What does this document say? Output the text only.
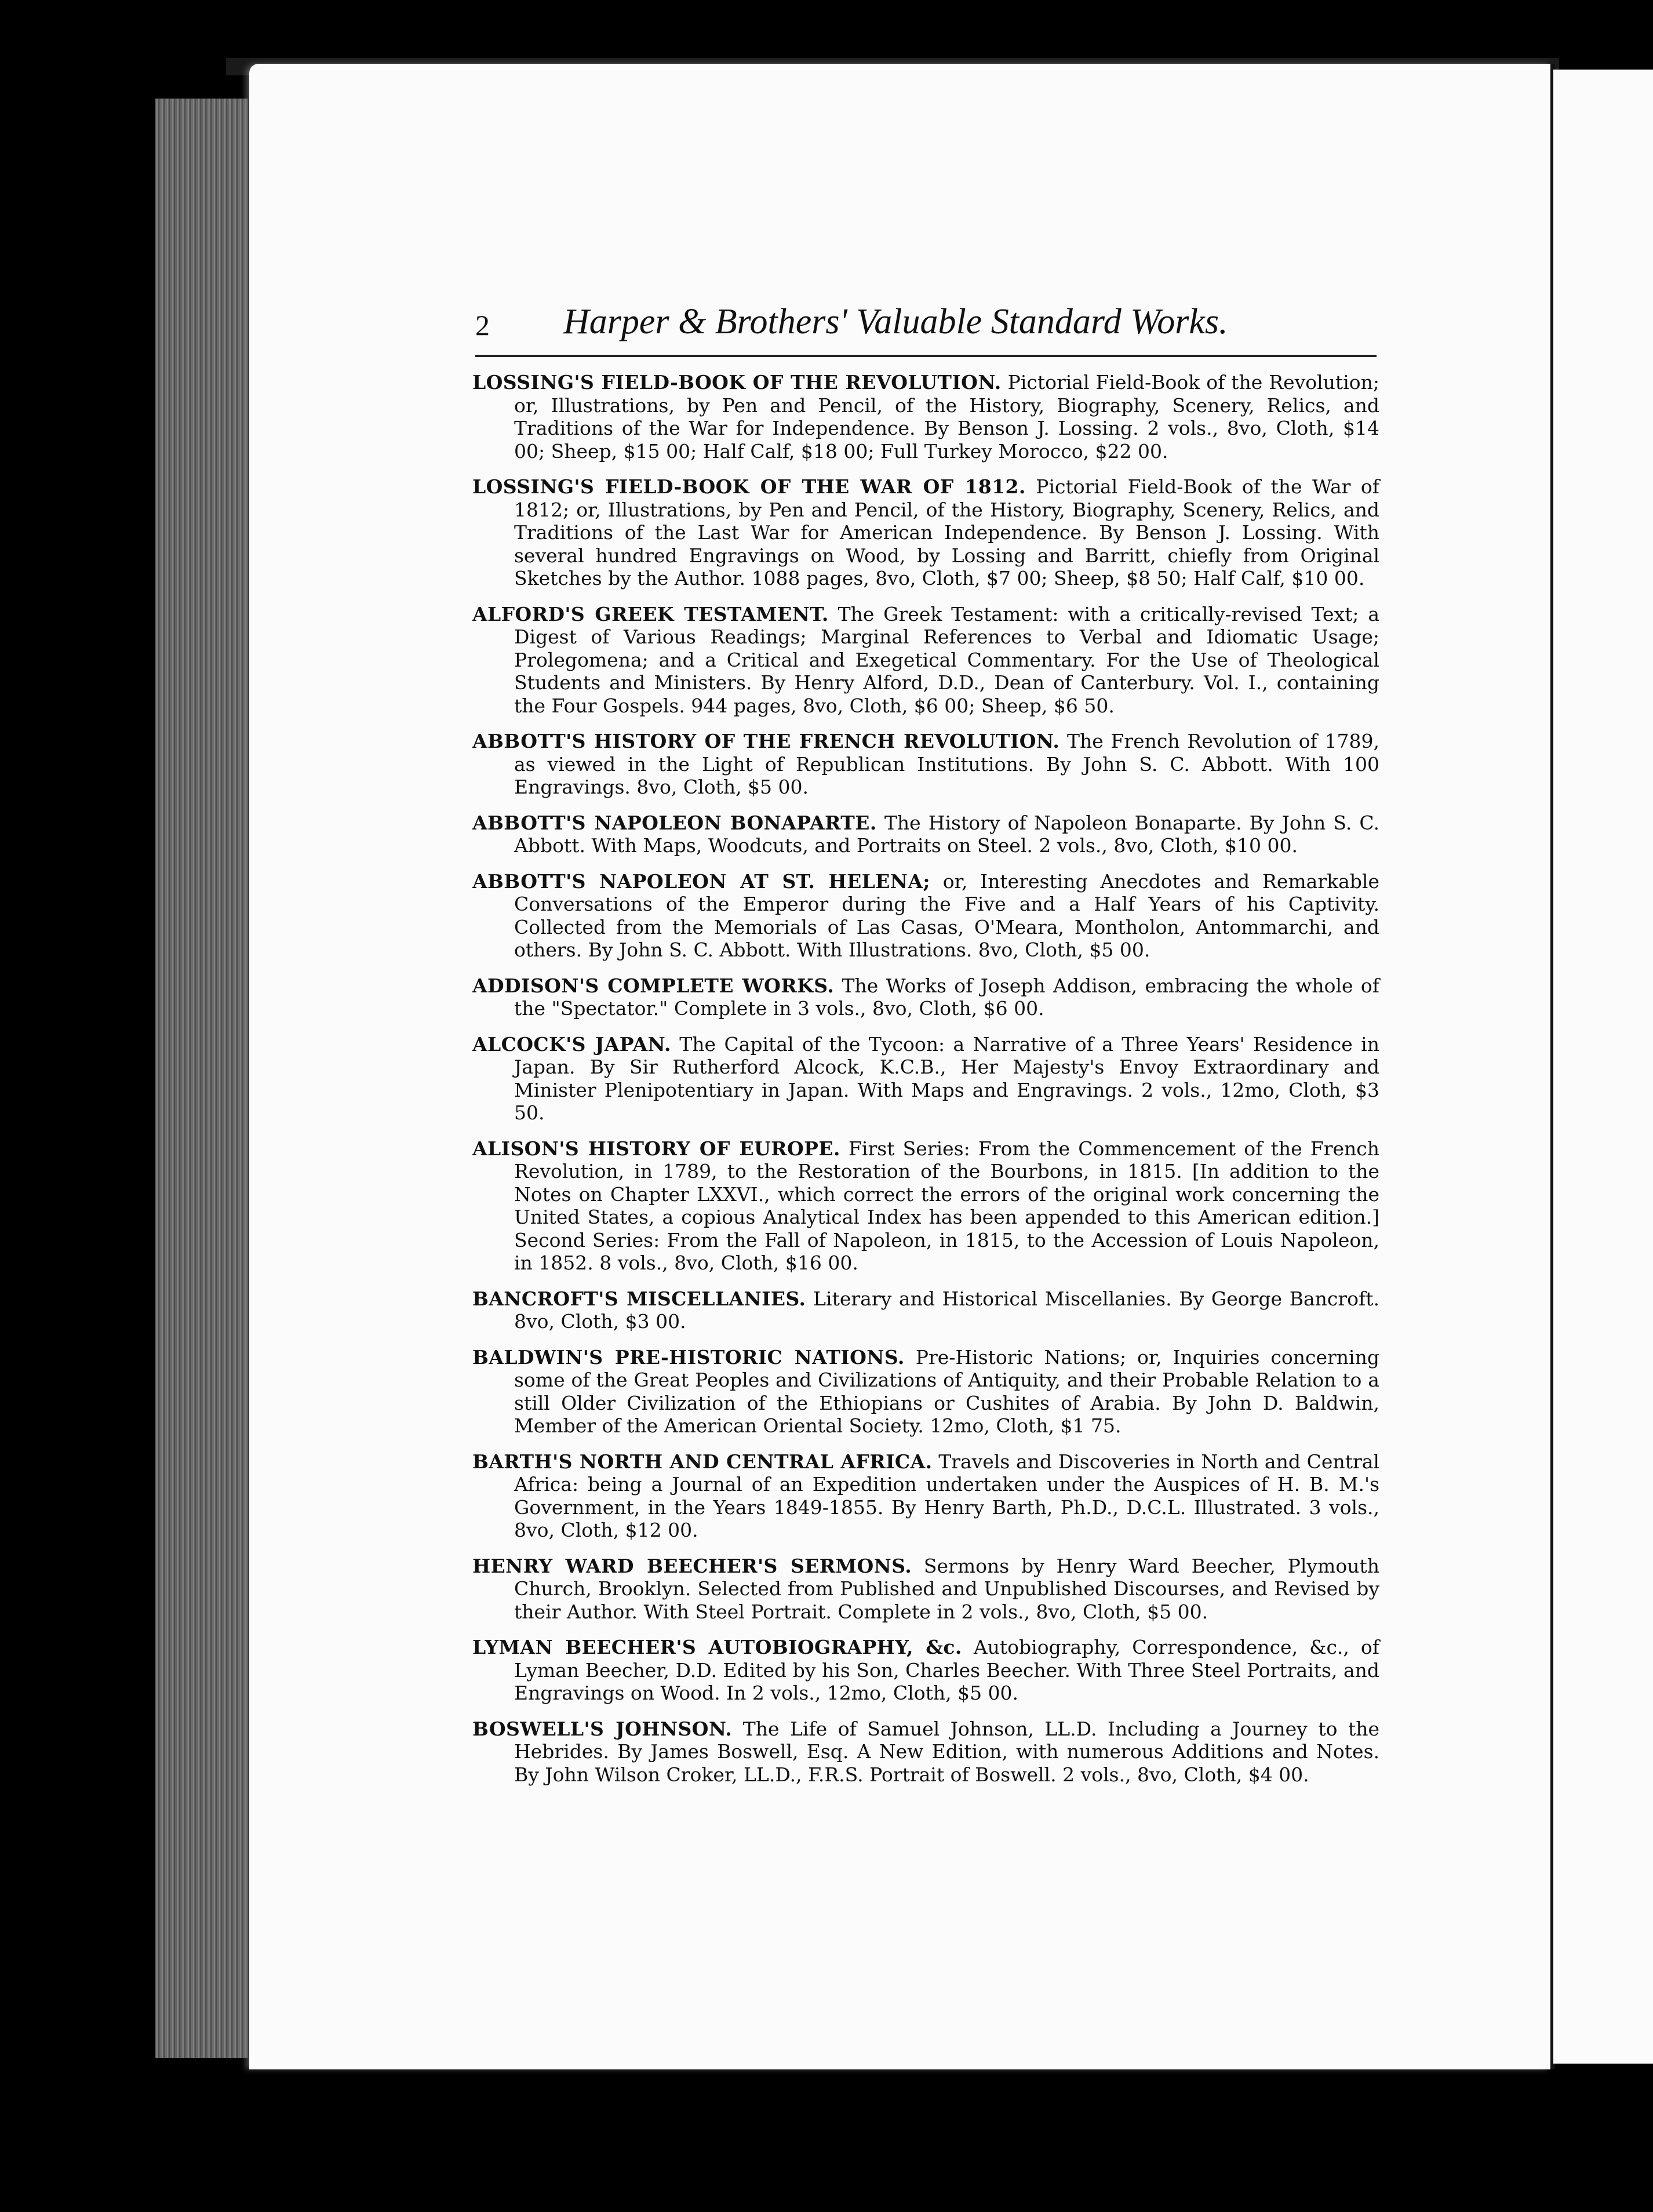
2 Harper & Brothers' Valuable Standard Works.

LOSSING'S FIELD-BOOK OF THE REVOLUTION. Pictorial Field-Book of the Revolution; or, Illustrations, by Pen and Pencil, of the History, Biography, Scenery, Relics, and Traditions of the War for Independence. By Benson J. Lossing. 2 vols., 8vo, Cloth, $14 00; Sheep, $15 00; Half Calf, $18 00; Full Turkey Morocco, $22 00.

LOSSING'S FIELD-BOOK OF THE WAR OF 1812. Pictorial Field-Book of the War of 1812; or, Illustrations, by Pen and Pencil, of the History, Biography, Scenery, Relics, and Traditions of the Last War for American Independence. By Benson J. Lossing. With several hundred Engravings on Wood, by Lossing and Barritt, chiefly from Original Sketches by the Author. 1088 pages, 8vo, Cloth, $7 00; Sheep, $8 50; Half Calf, $10 00.

ALFORD'S GREEK TESTAMENT. The Greek Testament: with a critically-revised Text; a Digest of Various Readings; Marginal References to Verbal and Idiomatic Usage; Prolegomena; and a Critical and Exegetical Commentary. For the Use of Theological Students and Ministers. By Henry Alford, D.D., Dean of Canterbury. Vol. I., containing the Four Gospels. 944 pages, 8vo, Cloth, $6 00; Sheep, $6 50.

ABBOTT'S HISTORY OF THE FRENCH REVOLUTION. The French Revolution of 1789, as viewed in the Light of Republican Institutions. By John S. C. Abbott. With 100 Engravings. 8vo, Cloth, $5 00.

ABBOTT'S NAPOLEON BONAPARTE. The History of Napoleon Bonaparte. By John S. C. Abbott. With Maps, Woodcuts, and Portraits on Steel. 2 vols., 8vo, Cloth, $10 00.

ABBOTT'S NAPOLEON AT ST. HELENA; or, Interesting Anecdotes and Remarkable Conversations of the Emperor during the Five and a Half Years of his Captivity. Collected from the Memorials of Las Casas, O'Meara, Montholon, Antommarchi, and others. By John S. C. Abbott. With Illustrations. 8vo, Cloth, $5 00.

ADDISON'S COMPLETE WORKS. The Works of Joseph Addison, embracing the whole of the "Spectator." Complete in 3 vols., 8vo, Cloth, $6 00.

ALCOCK'S JAPAN. The Capital of the Tycoon: a Narrative of a Three Years' Residence in Japan. By Sir Rutherford Alcock, K.C.B., Her Majesty's Envoy Extraordinary and Minister Plenipotentiary in Japan. With Maps and Engravings. 2 vols., 12mo, Cloth, $3 50.

ALISON'S HISTORY OF EUROPE. First Series: From the Commencement of the French Revolution, in 1789, to the Restoration of the Bourbons, in 1815. [In addition to the Notes on Chapter LXXVI., which correct the errors of the original work concerning the United States, a copious Analytical Index has been appended to this American edition.] Second Series: From the Fall of Napoleon, in 1815, to the Accession of Louis Napoleon, in 1852. 8 vols., 8vo, Cloth, $16 00.

BANCROFT'S MISCELLANIES. Literary and Historical Miscellanies. By George Bancroft. 8vo, Cloth, $3 00.

BALDWIN'S PRE-HISTORIC NATIONS. Pre-Historic Nations; or, Inquiries concerning some of the Great Peoples and Civilizations of Antiquity, and their Probable Relation to a still Older Civilization of the Ethiopians or Cushites of Arabia. By John D. Baldwin, Member of the American Oriental Society. 12mo, Cloth, $1 75.

BARTH'S NORTH AND CENTRAL AFRICA. Travels and Discoveries in North and Central Africa: being a Journal of an Expedition undertaken under the Auspices of H. B. M.'s Government, in the Years 1849-1855. By Henry Barth, Ph.D., D.C.L. Illustrated. 3 vols., 8vo, Cloth, $12 00.

HENRY WARD BEECHER'S SERMONS. Sermons by Henry Ward Beecher, Plymouth Church, Brooklyn. Selected from Published and Unpublished Discourses, and Revised by their Author. With Steel Portrait. Complete in 2 vols., 8vo, Cloth, $5 00.

LYMAN BEECHER'S AUTOBIOGRAPHY, &c. Autobiography, Correspondence, &c., of Lyman Beecher, D.D. Edited by his Son, Charles Beecher. With Three Steel Portraits, and Engravings on Wood. In 2 vols., 12mo, Cloth, $5 00.

BOSWELL'S JOHNSON. The Life of Samuel Johnson, LL.D. Including a Journey to the Hebrides. By James Boswell, Esq. A New Edition, with numerous Additions and Notes. By John Wilson Croker, LL.D., F.R.S. Portrait of Boswell. 2 vols., 8vo, Cloth, $4 00.
